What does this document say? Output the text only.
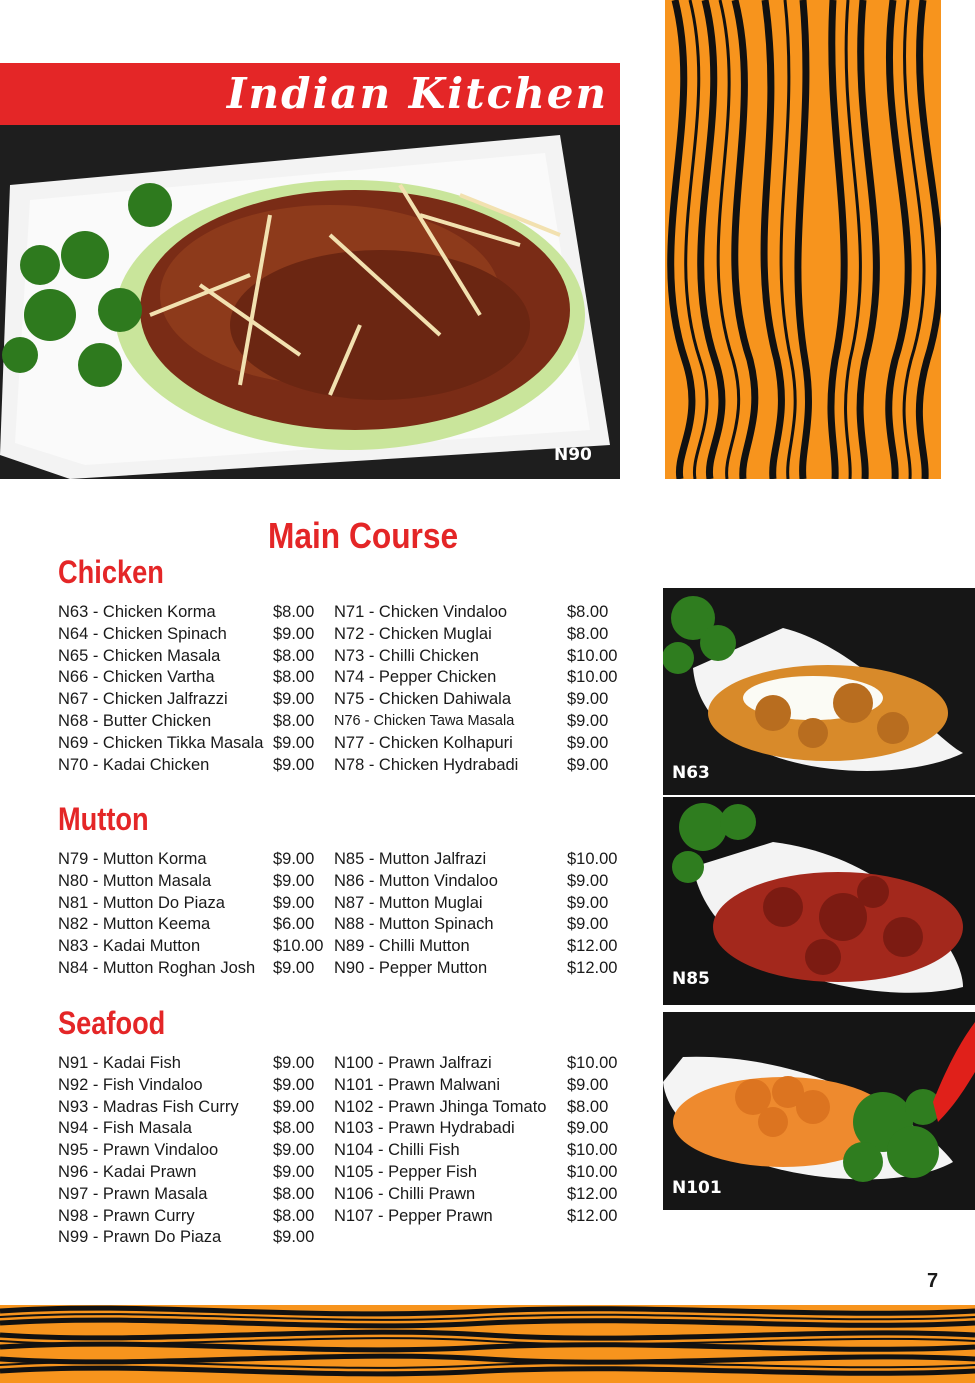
Indian Kitchen
N90
Main Course
Chicken
N63 - Chicken Korma	$8.00
N64 - Chicken Spinach	$9.00
N65 - Chicken Masala	$8.00
N66 - Chicken Vartha	$8.00
N67 - Chicken Jalfrazzi	$9.00
N68 - Butter Chicken	$8.00
N69 - Chicken Tikka Masala $9.00
N70 - Kadai Chicken	$9.00
N71 - Chicken Vindaloo	$8.00
N72 - Chicken Muglai	$8.00
N73 - Chilli Chicken	$10.00
N74 - Pepper Chicken	$10.00
N75 - Chicken Dahiwala	$9.00
N76 - Chicken Tawa Masala	$9.00
N77 - Chicken Kolhapuri	$9.00
N78 - Chicken Hydrabadi	$9.00
Mutton
N79 - Mutton Korma	$9.00
N80 - Mutton Masala	$9.00
N81 - Mutton Do Piaza	$9.00
N82 - Mutton Keema	$6.00
N83 - Kadai Mutton	$10.00
N84 - Mutton Roghan Josh $9.00
N85 - Mutton Jalfrazi	$10.00
N86 - Mutton Vindaloo	$9.00
N87 - Mutton Muglai	$9.00
N88 - Mutton Spinach	$9.00
N89 - Chilli Mutton	$12.00
N90 - Pepper Mutton	$12.00
Seafood
N91 - Kadai Fish	$9.00
N92 - Fish Vindaloo	$9.00
N93 - Madras Fish Curry $9.00
N94 - Fish Masala	$8.00
N95 - Prawn Vindaloo	$9.00
N96 - Kadai Prawn	$9.00
N97 - Prawn Masala	$8.00
N98 - Prawn Curry	$8.00
N99 - Prawn Do Piaza	$9.00
N100 - Prawn Jalfrazi	$10.00
N101 - Prawn Malwani	$9.00
N102 - Prawn Jhinga Tomato $8.00
N103 - Prawn Hydrabadi	$9.00
N104 - Chilli Fish	$10.00
N105 - Pepper Fish	$10.00
N106 - Chilli Prawn	$12.00
N107 - Pepper Prawn	$12.00
N63
N85
N101
7
